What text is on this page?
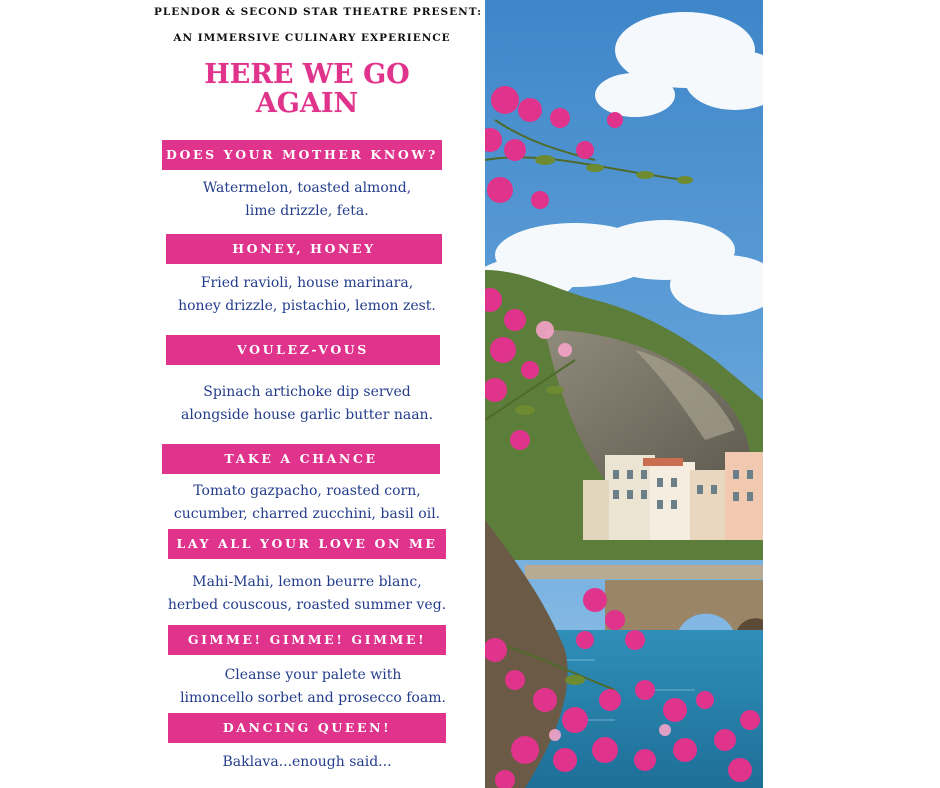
PLENDOR & SECOND STAR THEATRE PRESENT:
AN IMMERSIVE CULINARY EXPERIENCE
HERE WE GO
AGAIN
DOES YOUR MOTHER KNOW?
Watermelon, toasted almond,
lime drizzle, feta.
HONEY, HONEY
Fried ravioli, house marinara,
honey drizzle, pistachio, lemon zest.
VOULEZ-VOUS
Spinach artichoke dip served
alongside house garlic butter naan.
TAKE A CHANCE
Tomato gazpacho, roasted corn,
cucumber, charred zucchini, basil oil.
LAY ALL YOUR LOVE ON ME
Mahi-Mahi, lemon beurre blanc,
herbed couscous, roasted summer veg.
GIMME! GIMME! GIMME!
Cleanse your palete with
limoncello sorbet and prosecco foam.
DANCING QUEEN!
Baklava...enough said...
